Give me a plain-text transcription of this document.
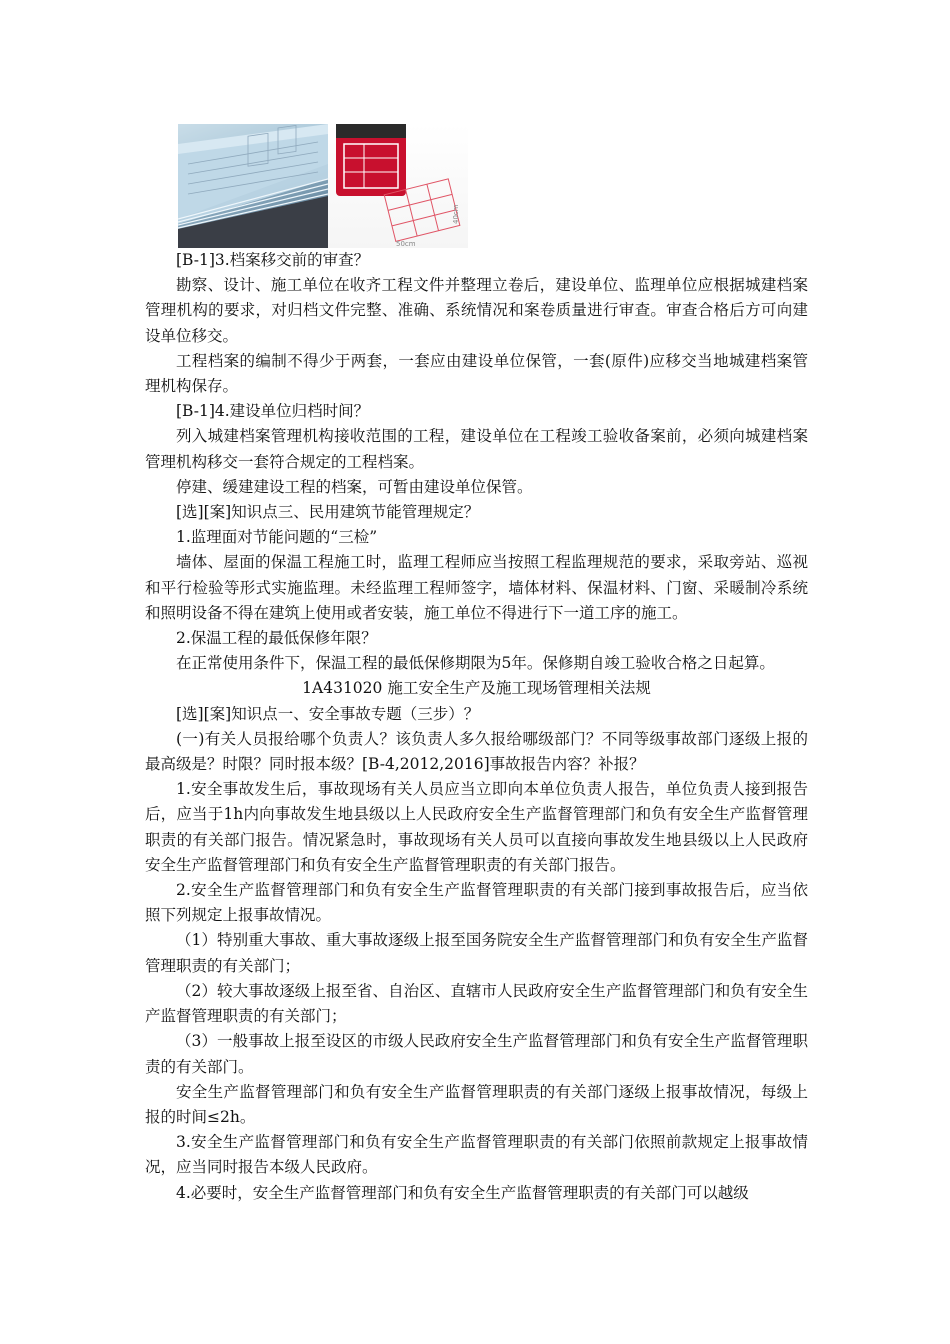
50cm
40cm

[B-1]3.档案移交前的审查？

勘察、设计、施工单位在收齐工程文件并整理立卷后，建设单位、监理单位应根据城建档案管理机构的要求，对归档文件完整、准确、系统情况和案卷质量进行审查。审查合格后方可向建设单位移交。

工程档案的编制不得少于两套，一套应由建设单位保管，一套(原件)应移交当地城建档案管理机构保存。

[B-1]4.建设单位归档时间？

列入城建档案管理机构接收范围的工程，建设单位在工程竣工验收备案前，必须向城建档案管理机构移交一套符合规定的工程档案。

停建、缓建建设工程的档案，可暂由建设单位保管。

[选][案]知识点三、民用建筑节能管理规定？

1.监理面对节能问题的“三检”

墙体、屋面的保温工程施工时，监理工程师应当按照工程监理规范的要求，采取旁站、巡视和平行检验等形式实施监理。未经监理工程师签字，墙体材料、保温材料、门窗、采暖制冷系统和照明设备不得在建筑上使用或者安装，施工单位不得进行下一道工序的施工。

2.保温工程的最低保修年限？

在正常使用条件下，保温工程的最低保修期限为5年。保修期自竣工验收合格之日起算。

1A431020 施工安全生产及施工现场管理相关法规

[选][案]知识点一、安全事故专题（三步）？

(一)有关人员报给哪个负责人？该负责人多久报给哪级部门？不同等级事故部门逐级上报的最高级是？时限？同时报本级？[B-4,2012,2016]事故报告内容？补报？

1.安全事故发生后，事故现场有关人员应当立即向本单位负责人报告，单位负责人接到报告后，应当于1h内向事故发生地县级以上人民政府安全生产监督管理部门和负有安全生产监督管理职责的有关部门报告。情况紧急时，事故现场有关人员可以直接向事故发生地县级以上人民政府安全生产监督管理部门和负有安全生产监督管理职责的有关部门报告。

2.安全生产监督管理部门和负有安全生产监督管理职责的有关部门接到事故报告后，应当依照下列规定上报事故情况。

（1）特别重大事故、重大事故逐级上报至国务院安全生产监督管理部门和负有安全生产监督管理职责的有关部门；

（2）较大事故逐级上报至省、自治区、直辖市人民政府安全生产监督管理部门和负有安全生产监督管理职责的有关部门；

（3）一般事故上报至设区的市级人民政府安全生产监督管理部门和负有安全生产监督管理职责的有关部门。

安全生产监督管理部门和负有安全生产监督管理职责的有关部门逐级上报事故情况，每级上报的时间≤2h。

3.安全生产监督管理部门和负有安全生产监督管理职责的有关部门依照前款规定上报事故情况，应当同时报告本级人民政府。

4.必要时，安全生产监督管理部门和负有安全生产监督管理职责的有关部门可以越级
